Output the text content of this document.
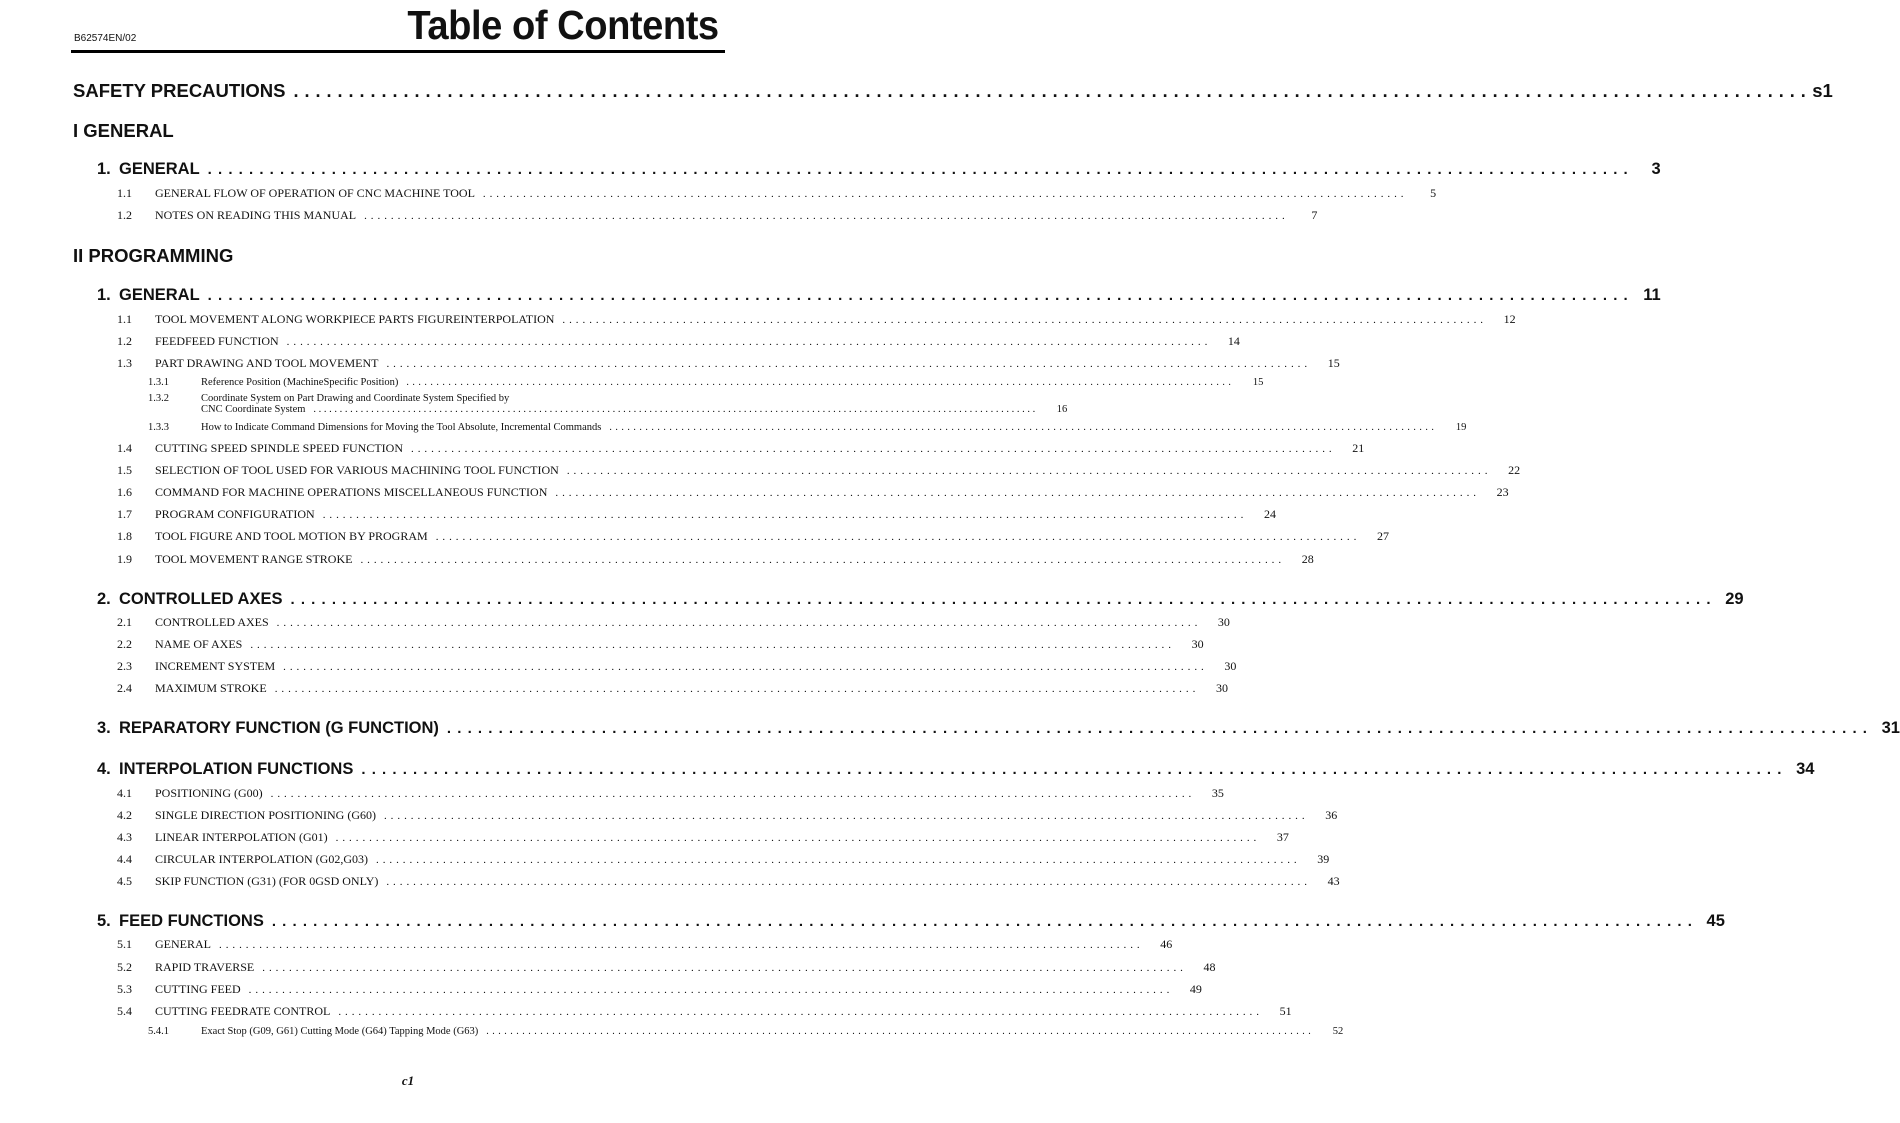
B62574EN/02	Table of Contents
SAFETY PRECAUTIONS . . .	s1
I GENERAL
1. GENERAL . . .	3
1.1	GENERAL FLOW OF OPERATION OF CNC MACHINE TOOL . . .	5
1.2	NOTES ON READING THIS MANUAL . . .	7
II PROGRAMMING
1. GENERAL . . .	11
1.1	TOOL MOVEMENT ALONG WORKPIECE PARTS FIGUREINTERPOLATION . . .	12
1.2	FEEDFEED FUNCTION . . .	14
1.3	PART DRAWING AND TOOL MOVEMENT . . .	15
1.3.1	Reference Position (MachineSpecific Position) . . .	15
1.3.2	Coordinate System on Part Drawing and Coordinate System Specified by
CNC Coordinate System . . .	16
1.3.3	How to Indicate Command Dimensions for Moving the Tool Absolute, Incremental Commands . . .	19
1.4	CUTTING SPEED SPINDLE SPEED FUNCTION . . .	21
1.5	SELECTION OF TOOL USED FOR VARIOUS MACHINING TOOL FUNCTION . . .	22
1.6	COMMAND FOR MACHINE OPERATIONS MISCELLANEOUS FUNCTION . . .	23
1.7	PROGRAM CONFIGURATION . . .	24
1.8	TOOL FIGURE AND TOOL MOTION BY PROGRAM . . .	27
1.9	TOOL MOVEMENT RANGE STROKE . . .	28
2. CONTROLLED AXES . . .	29
2.1	CONTROLLED AXES . . .	30
2.2	NAME OF AXES . . .	30
2.3	INCREMENT SYSTEM . . .	30
2.4	MAXIMUM STROKE . . .	30
3. REPARATORY FUNCTION (G FUNCTION) . . .	31
4. INTERPOLATION FUNCTIONS . . .	34
4.1	POSITIONING (G00) . . .	35
4.2	SINGLE DIRECTION POSITIONING (G60) . . .	36
4.3	LINEAR INTERPOLATION (G01) . . .	37
4.4	CIRCULAR INTERPOLATION (G02,G03) . . .	39
4.5	SKIP FUNCTION (G31) (FOR 0GSD ONLY) . . .	43
5. FEED FUNCTIONS . . .	45
5.1	GENERAL . . .	46
5.2	RAPID TRAVERSE . . .	48
5.3	CUTTING FEED . . .	49
5.4	CUTTING FEEDRATE CONTROL . . .	51
5.4.1	Exact Stop (G09, G61) Cutting Mode (G64) Tapping Mode (G63) . . .	52
c1
